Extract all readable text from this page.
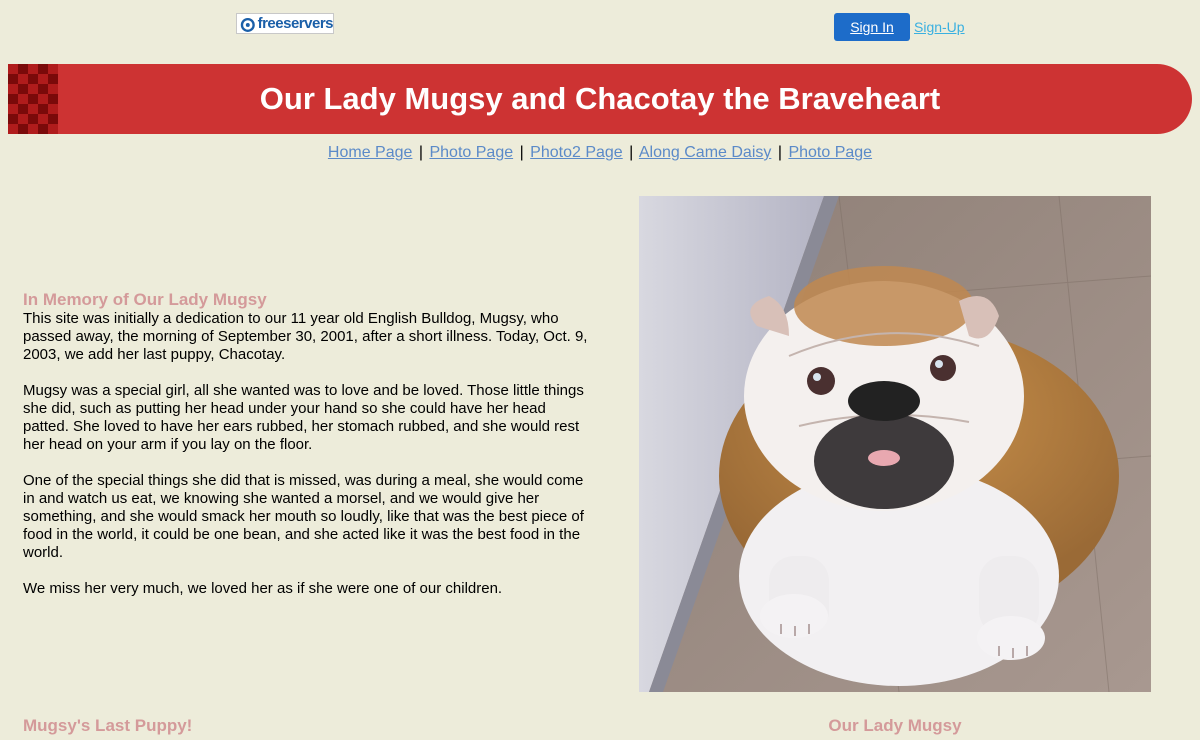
freeservers	Sign In	Sign-Up
Our Lady Mugsy and Chacotay the Braveheart
Home Page | Photo Page | Photo2 Page | Along Came Daisy | Photo Page
In Memory of Our Lady Mugsy

This site was initially a dedication to our 11 year old English Bulldog, Mugsy, who passed away, the morning of September 30, 2001, after a short illness. Today, Oct. 9, 2003, we add her last puppy, Chacotay.

Mugsy was a special girl, all she wanted was to love and be loved. Those little things she did, such as putting her head under your hand so she could have her head patted. She loved to have her ears rubbed, her stomach rubbed, and she would rest her head on your arm if you lay on the floor.

One of the special things she did that is missed, was during a meal, she would come in and watch us eat, we knowing she wanted a morsel, and we would give her something, and she would smack her mouth so loudly, like that was the best piece of food in the world, it could be one bean, and she acted like it was the best food in the world.

We miss her very much, we loved her as if she were one of our children.

Mugsy's Last Puppy!	Our Lady Mugsy
